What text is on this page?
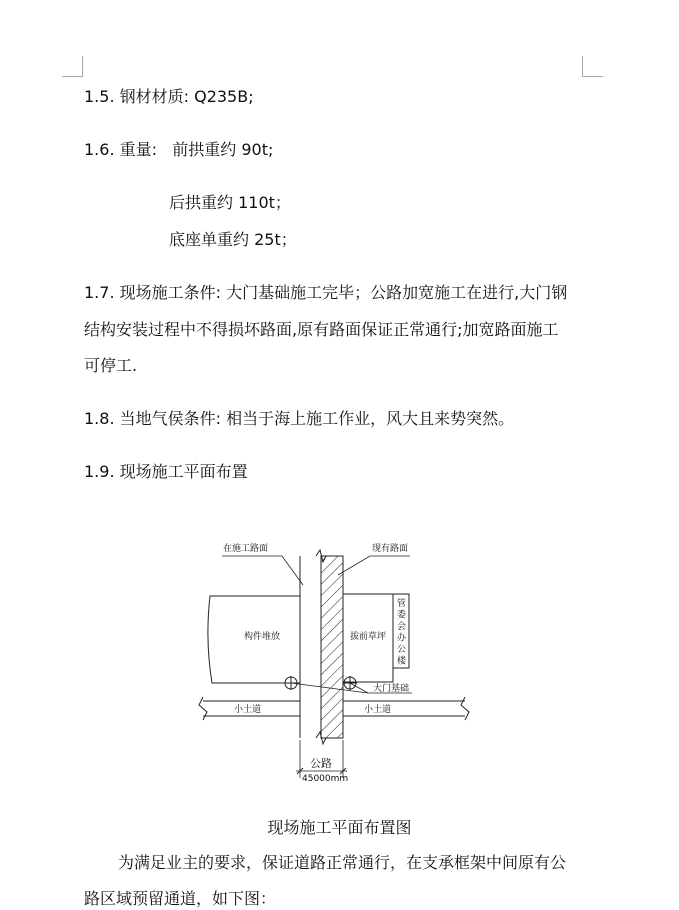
1.5. 钢材材质: Q235B;
1.6. 重量:   前拱重约 90t;
后拱重约 110t；
底座单重约 25t；
1.7. 现场施工条件: 大门基础施工完毕；公路加宽施工在进行,大门钢
结构安装过程中不得损坏路面,原有路面保证正常通行;加宽路面施工
可停工.
1.8. 当地气侯条件: 相当于海上施工作业，风大且来势突然。
1.9. 现场施工平面布置
在施工路面	现有路面
构件堆放	拔前草坪
管委会办公楼
大门基础
小土道	小土道
公路
45000mm
现场施工平面布置图
为满足业主的要求，保证道路正常通行，在支承框架中间原有公
路区域预留通道，如下图：
